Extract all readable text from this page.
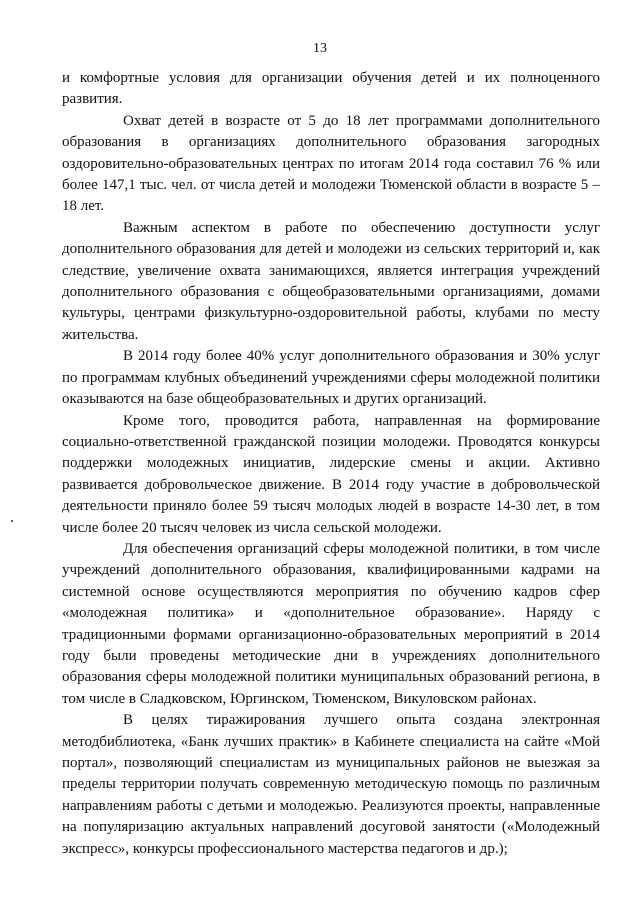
13

и комфортные условия для организации обучения детей и их полноценного развития.

Охват детей в возрасте от 5 до 18 лет программами дополнительного образования в организациях дополнительного образования загородных оздоровительно-образовательных центрах по итогам 2014 года составил 76 % или более 147,1 тыс. чел. от числа детей и молодежи Тюменской области в возрасте 5 – 18 лет.

Важным аспектом в работе по обеспечению доступности услуг дополнительного образования для детей и молодежи из сельских территорий и, как следствие, увеличение охвата занимающихся, является интеграция учреждений дополнительного образования с общеобразовательными организациями, домами культуры, центрами физкультурно-оздоровительной работы, клубами по месту жительства.

В 2014 году более 40% услуг дополнительного образования и 30% услуг по программам клубных объединений учреждениями сферы молодежной политики оказываются на базе общеобразовательных и других организаций.

Кроме того, проводится работа, направленная на формирование социально-ответственной гражданской позиции молодежи. Проводятся конкурсы поддержки молодежных инициатив, лидерские смены и акции. Активно развивается добровольческое движение. В 2014 году участие в добровольческой деятельности приняло более 59 тысяч молодых людей в возрасте 14-30 лет, в том числе более 20 тысяч человек из числа сельской молодежи.

Для обеспечения организаций сферы молодежной политики, в том числе учреждений дополнительного образования, квалифицированными кадрами на системной основе осуществляются мероприятия по обучению кадров сфер «молодежная политика» и «дополнительное образование». Наряду с традиционными формами организационно-образовательных мероприятий в 2014 году были проведены методические дни в учреждениях дополнительного образования сферы молодежной политики муниципальных образований региона, в том числе в Сладковском, Юргинском, Тюменском, Викуловском районах.

В целях тиражирования лучшего опыта создана электронная методбиблиотека, «Банк лучших практик» в Кабинете специалиста на сайте «Мой портал», позволяющий специалистам из муниципальных районов не выезжая за пределы территории получать современную методическую помощь по различным направлениям работы с детьми и молодежью. Реализуются проекты, направленные на популяризацию актуальных направлений досуговой занятости («Молодежный экспресс», конкурсы профессионального мастерства педагогов и др.);
